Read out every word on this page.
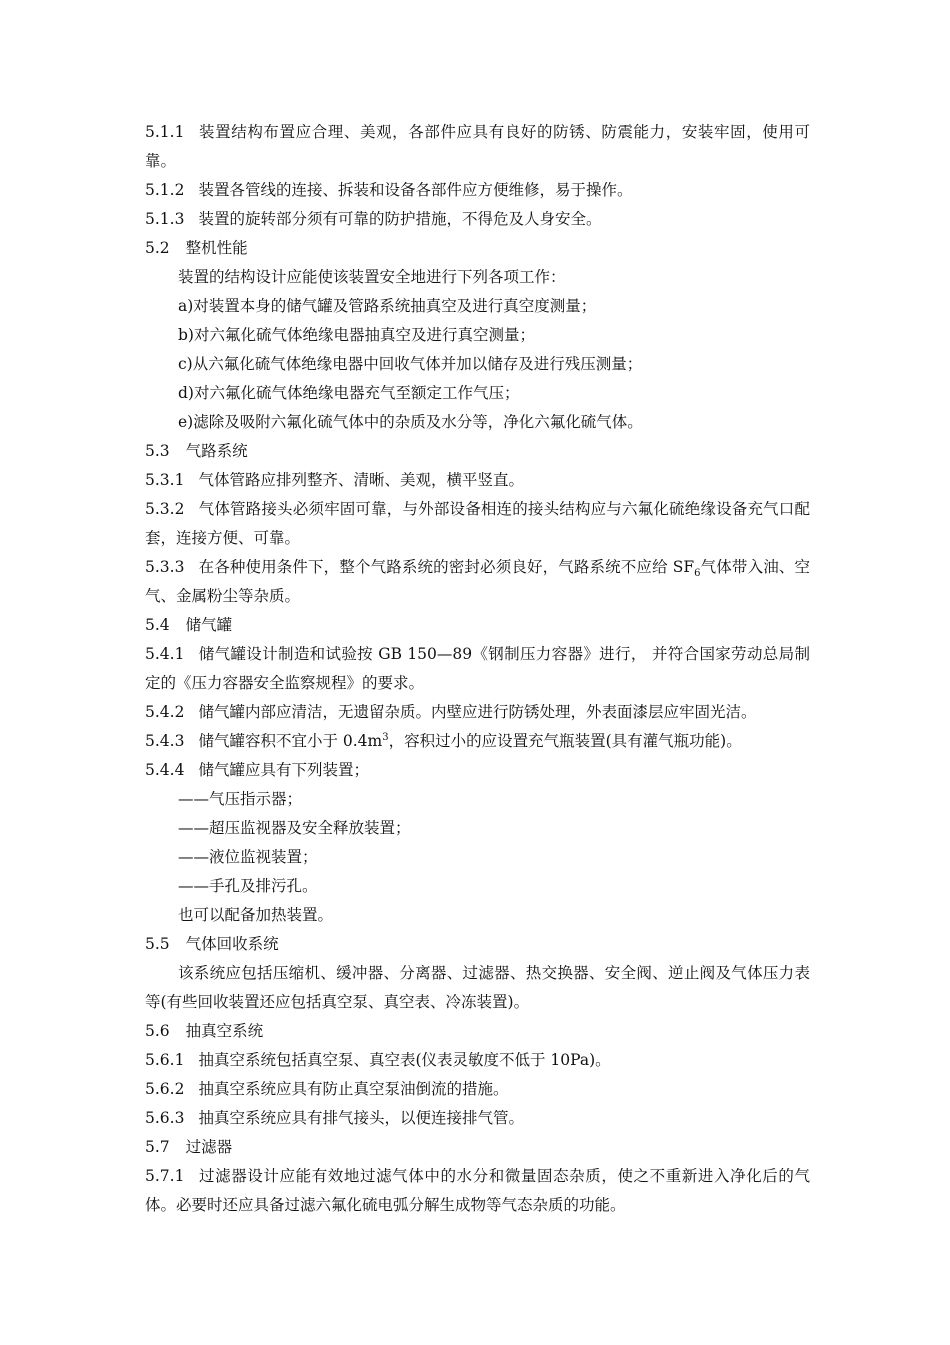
5.1.1 装置结构布置应合理、美观，各部件应具有良好的防锈、防震能力，安装牢固，使用可靠。

5.1.2 装置各管线的连接、拆装和设备各部件应方便维修，易于操作。

5.1.3 装置的旋转部分须有可靠的防护措施，不得危及人身安全。

5.2 整机性能

装置的结构设计应能使该装置安全地进行下列各项工作：

a)对装置本身的储气罐及管路系统抽真空及进行真空度测量；

b)对六氟化硫气体绝缘电器抽真空及进行真空测量；

c)从六氟化硫气体绝缘电器中回收气体并加以储存及进行残压测量；

d)对六氟化硫气体绝缘电器充气至额定工作气压；

e)滤除及吸附六氟化硫气体中的杂质及水分等，净化六氟化硫气体。

5.3 气路系统

5.3.1 气体管路应排列整齐、清晰、美观，横平竖直。

5.3.2 气体管路接头必须牢固可靠，与外部设备相连的接头结构应与六氟化硫绝缘设备充气口配套，连接方便、可靠。

5.3.3 在各种使用条件下，整个气路系统的密封必须良好，气路系统不应给 $SF_6$气体带入油、空气、金属粉尘等杂质。

5.4 储气罐

5.4.1 储气罐设计制造和试验按 GB 150—89《钢制压力容器》进行， 并符合国家劳动总局制定的《压力容器安全监察规程》的要求。

5.4.2 储气罐内部应清洁，无遗留杂质。内壁应进行防锈处理，外表面漆层应牢固光洁。

5.4.3 储气罐容积不宜小于 $0.4m^3$，容积过小的应设置充气瓶装置(具有灌气瓶功能)。

5.4.4 储气罐应具有下列装置；

——气压指示器；

——超压监视器及安全释放装置；

——液位监视装置；

——手孔及排污孔。

也可以配备加热装置。

5.5 气体回收系统

该系统应包括压缩机、缓冲器、分离器、过滤器、热交换器、安全阀、逆止阀及气体压力表等(有些回收装置还应包括真空泵、真空表、冷冻装置)。

5.6 抽真空系统

5.6.1 抽真空系统包括真空泵、真空表(仪表灵敏度不低于 10Pa)。

5.6.2 抽真空系统应具有防止真空泵油倒流的措施。

5.6.3 抽真空系统应具有排气接头，以便连接排气管。

5.7 过滤器

5.7.1 过滤器设计应能有效地过滤气体中的水分和微量固态杂质，使之不重新进入净化后的气体。必要时还应具备过滤六氟化硫电弧分解生成物等气态杂质的功能。
